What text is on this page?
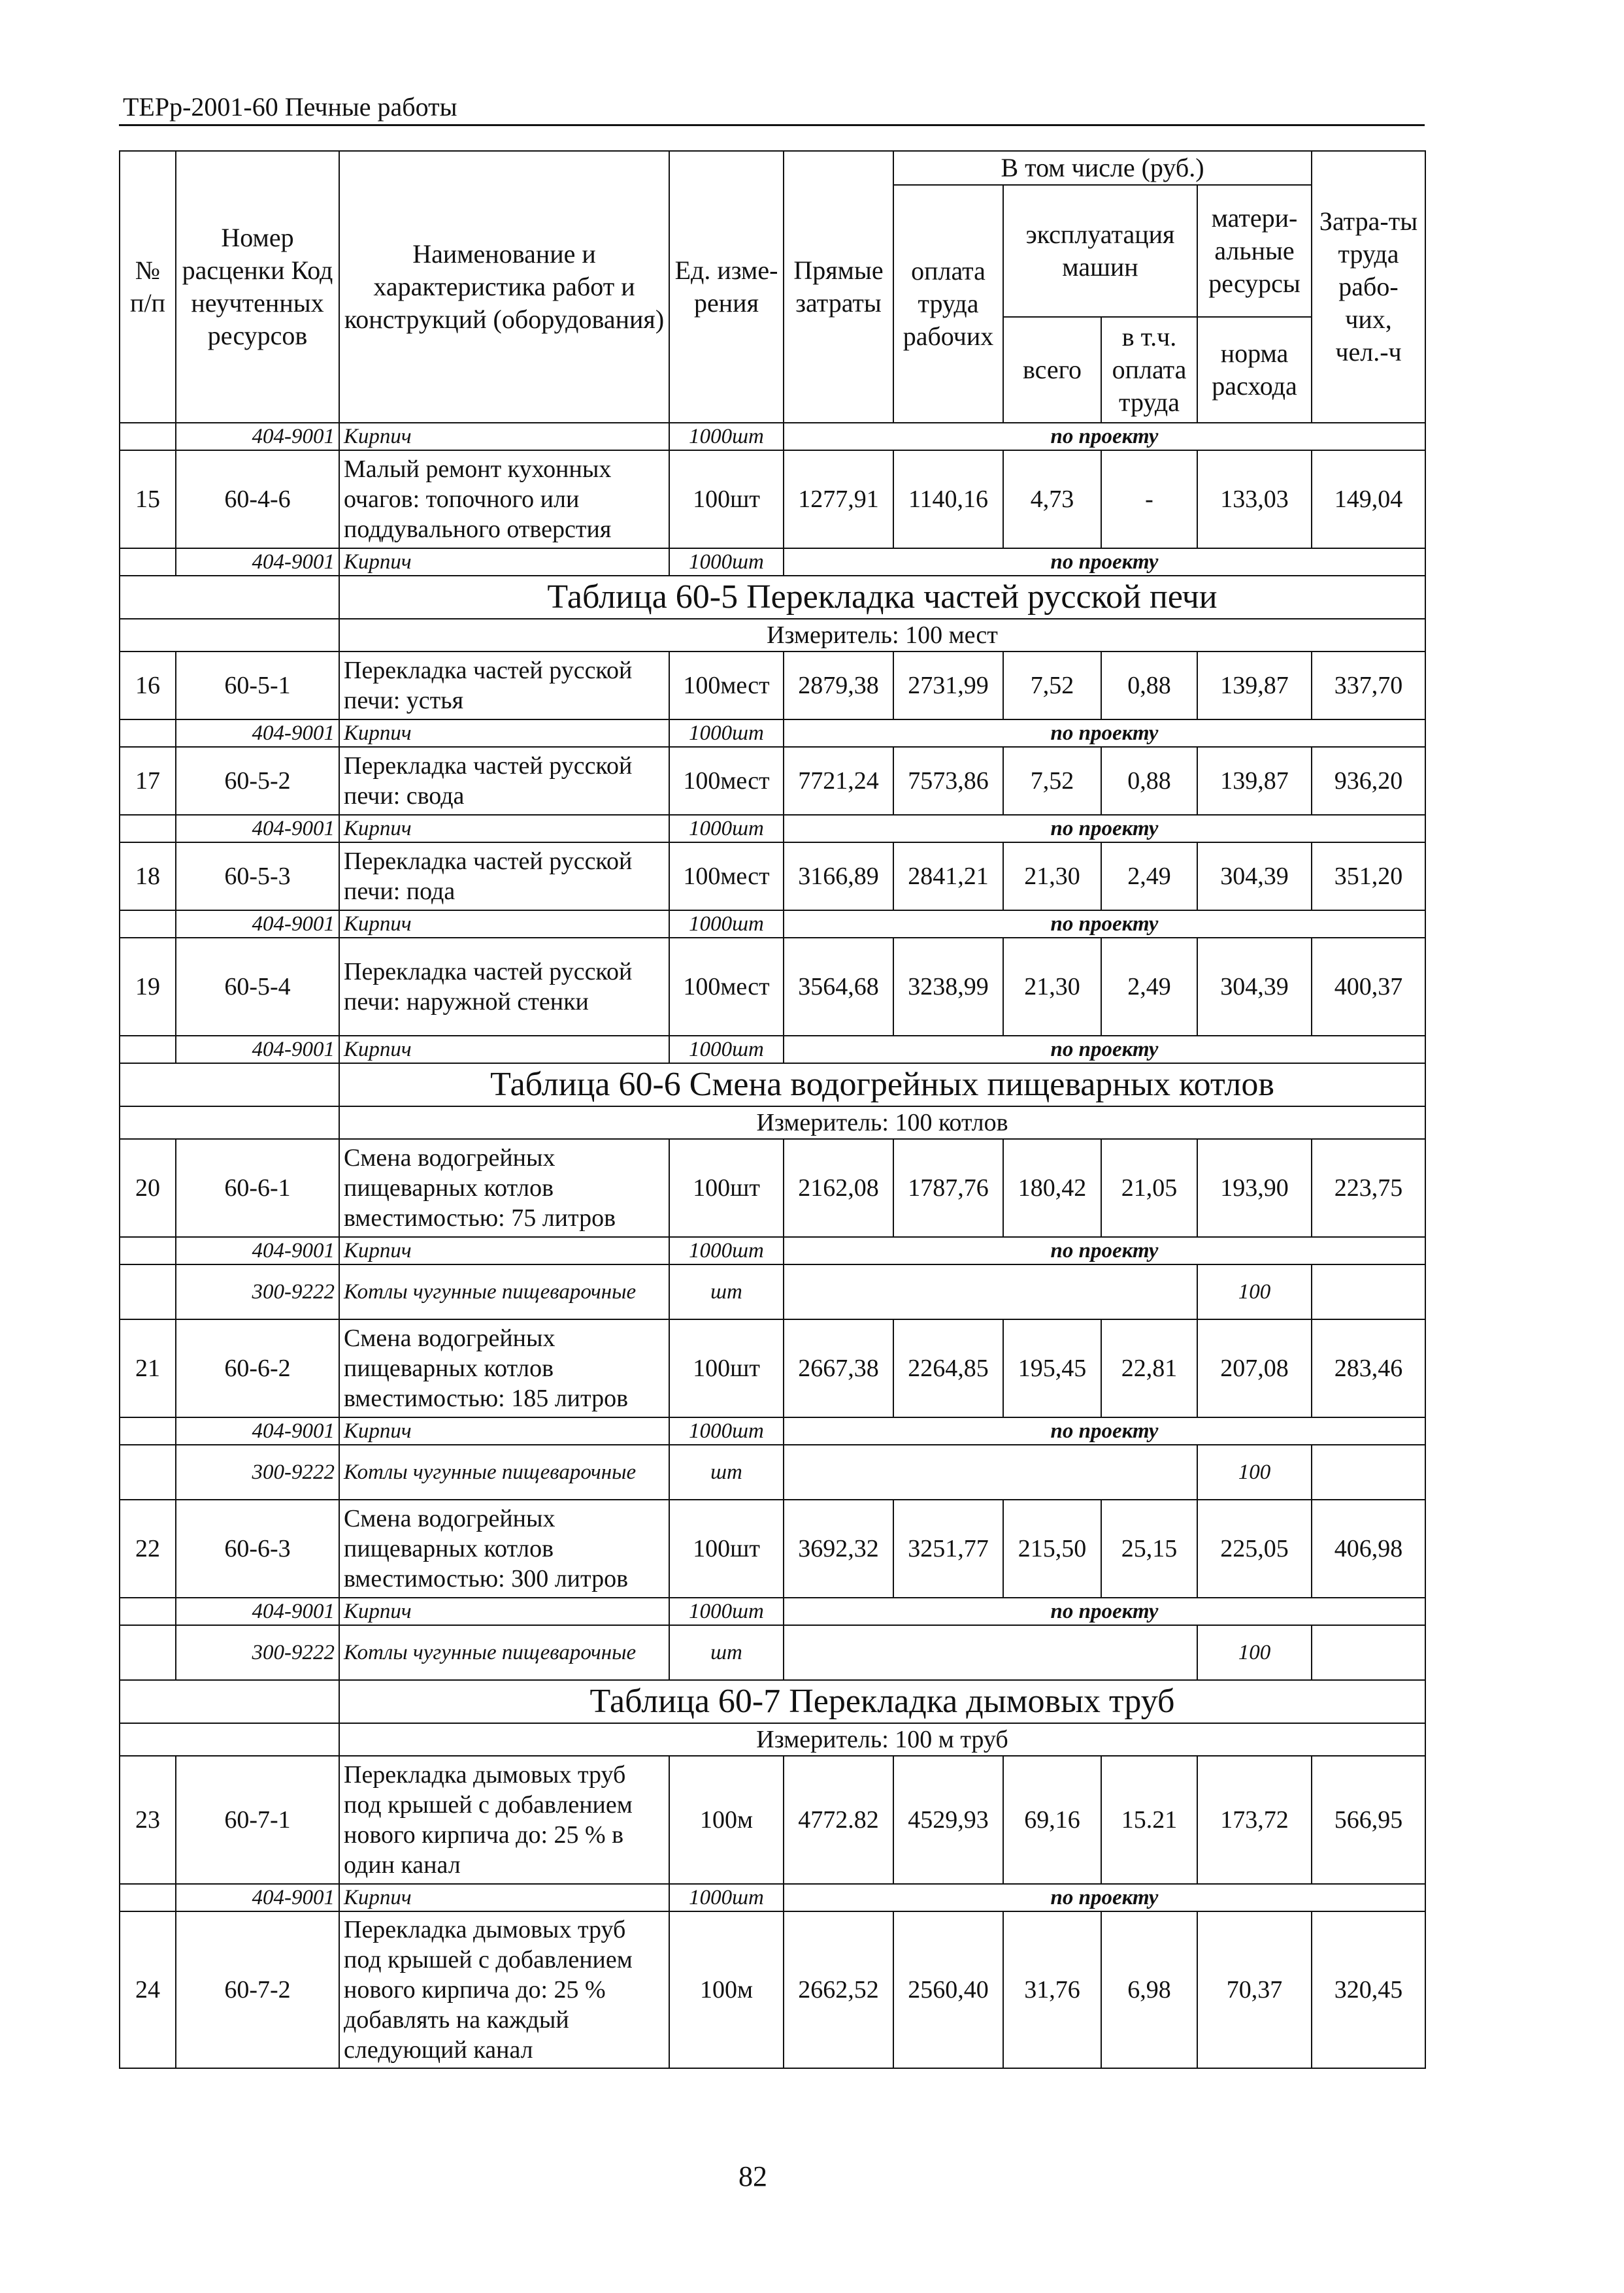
ТЕРр-2001-60 Печные работы
№ п/п	Номер расценки Код неучтенных ресурсов	Наименование и характеристика работ и конструкций (оборудования)	Ед. изме-рения	Прямые затраты	В том числе (руб.)				Затра-ты труда рабо-чих, чел.-ч
					оплата труда рабочих	эксплуатация машин		матери-альные ресурсы	
						всего	в т.ч. оплата труда	норма расхода	
	404-9001	Кирпич	1000шт	по проекту					
15	60-4-6	Малый ремонт кухонных очагов: топочного или поддувального отверстия	100шт	1277,91	1140,16	4,73	-	133,03	149,04
	404-9001	Кирпич	1000шт	по проекту					
		Таблица 60-5 Перекладка частей русской печи							
		Измеритель: 100 мест							
16	60-5-1	Перекладка частей русской печи: устья	100мест	2879,38	2731,99	7,52	0,88	139,87	337,70
	404-9001	Кирпич	1000шт	по проекту					
17	60-5-2	Перекладка частей русской печи: свода	100мест	7721,24	7573,86	7,52	0,88	139,87	936,20
	404-9001	Кирпич	1000шт	по проекту					
18	60-5-3	Перекладка частей русской печи: пода	100мест	3166,89	2841,21	21,30	2,49	304,39	351,20
	404-9001	Кирпич	1000шт	по проекту					
19	60-5-4	Перекладка частей русской печи: наружной стенки	100мест	3564,68	3238,99	21,30	2,49	304,39	400,37
	404-9001	Кирпич	1000шт	по проекту					
		Таблица 60-6 Смена водогрейных пищеварных котлов							
		Измеритель: 100 котлов							
20	60-6-1	Смена водогрейных пищеварных котлов вместимостью: 75 литров	100шт	2162,08	1787,76	180,42	21,05	193,90	223,75
	404-9001	Кирпич	1000шт	по проекту					
	300-9222	Котлы чугунные пищеварочные	шт					100	
21	60-6-2	Смена водогрейных пищеварных котлов вместимостью: 185 литров	100шт	2667,38	2264,85	195,45	22,81	207,08	283,46
	404-9001	Кирпич	1000шт	по проекту					
	300-9222	Котлы чугунные пищеварочные	шт					100	
22	60-6-3	Смена водогрейных пищеварных котлов вместимостью: 300 литров	100шт	3692,32	3251,77	215,50	25,15	225,05	406,98
	404-9001	Кирпич	1000шт	по проекту					
	300-9222	Котлы чугунные пищеварочные	шт					100	
		Таблица 60-7 Перекладка дымовых труб							
		Измеритель: 100 м труб							
23	60-7-1	Перекладка дымовых труб под крышей с добавлением нового кирпича до: 25 % в один канал	100м	4772.82	4529,93	69,16	15.21	173,72	566,95
	404-9001	Кирпич	1000шт	по проекту					
24	60-7-2	Перекладка дымовых труб под крышей с добавлением нового кирпича до: 25 % добавлять на каждый следующий канал	100м	2662,52	2560,40	31,76	6,98	70,37	320,45
82
